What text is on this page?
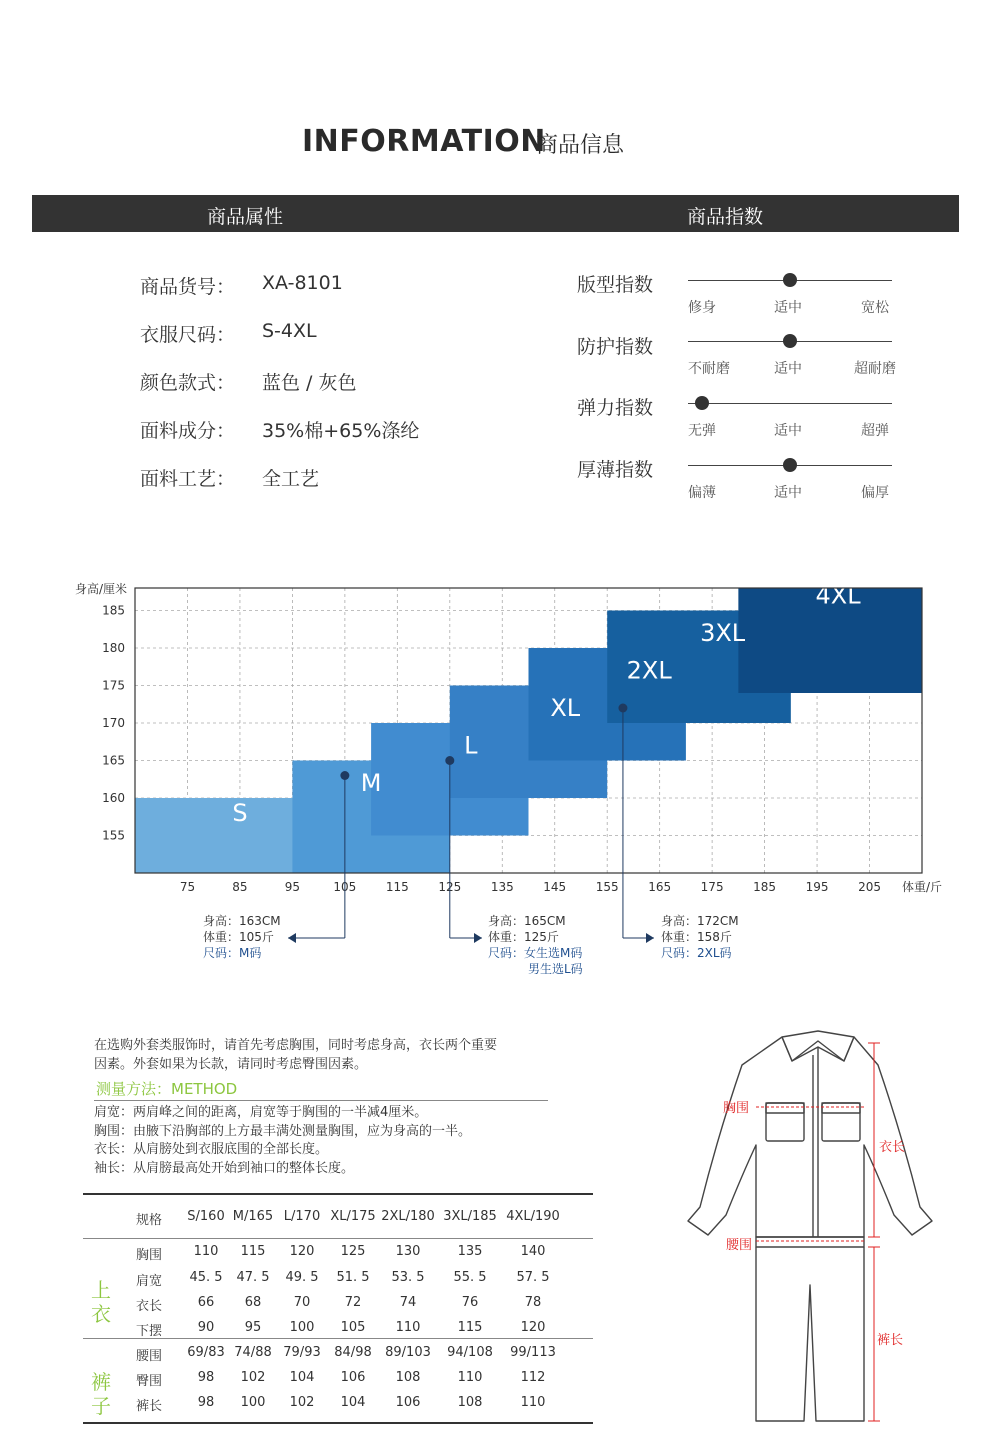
INFORMATION
商品信息
商品属性	商品指数
商品货号： XA-8101
衣服尺码： S-4XL
颜色款式： 蓝色 / 灰色
面料成分： 35%棉+65%涤纶
面料工艺： 全工艺
版型指数
修身	适中	宽松
防护指数
不耐磨	适中	超耐磨
弹力指数
无弹	适中	超弹
厚薄指数
偏薄	适中	偏厚
身高/厘米
体重/斤
S
M
L
XL
2XL
3XL
4XL
75	85	95	105 115 125 135 145 155 165 175 185 195 205
155
160
165
170
175
180
185
身高：163CM
体重：105斤
尺码：M码
身高：165CM
体重：125斤
尺码：女生选M码
男生选L码
身高：172CM
体重：158斤
尺码：2XL码
在选购外套类服饰时，请首先考虑胸围，同时考虑身高，衣长两个重要
因素。外套如果为长款，请同时考虑臀围因素。
测量方法：METHOD
肩宽：两肩峰之间的距离，肩宽等于胸围的一半减4厘米。
胸围：由腋下沿胸部的上方最丰满处测量胸围，应为身高的一半。
衣长：从肩膀处到衣服底围的全部长度。
袖长：从肩膀最高处开始到袖口的整体长度。
规格	S/160 M/165 L/170 XL/175 2XL/180 3XL/185 4XL/190
胸围	110	115	120	125	130	135	140
肩宽	45. 5	47. 5	49. 5	51. 5	53. 5	55. 5	57. 5
衣长	66	68	70	72	74	76	78
下摆	90	95	100	105	110	115	120
腰围	69/83 74/88 79/93	84/98	89/103	94/108	99/113
臀围	98	102	104	106	108	110	112
裤长	98	100	102	104	106	108	110
上衣
裤子
胸围
衣长
腰围
裤长
